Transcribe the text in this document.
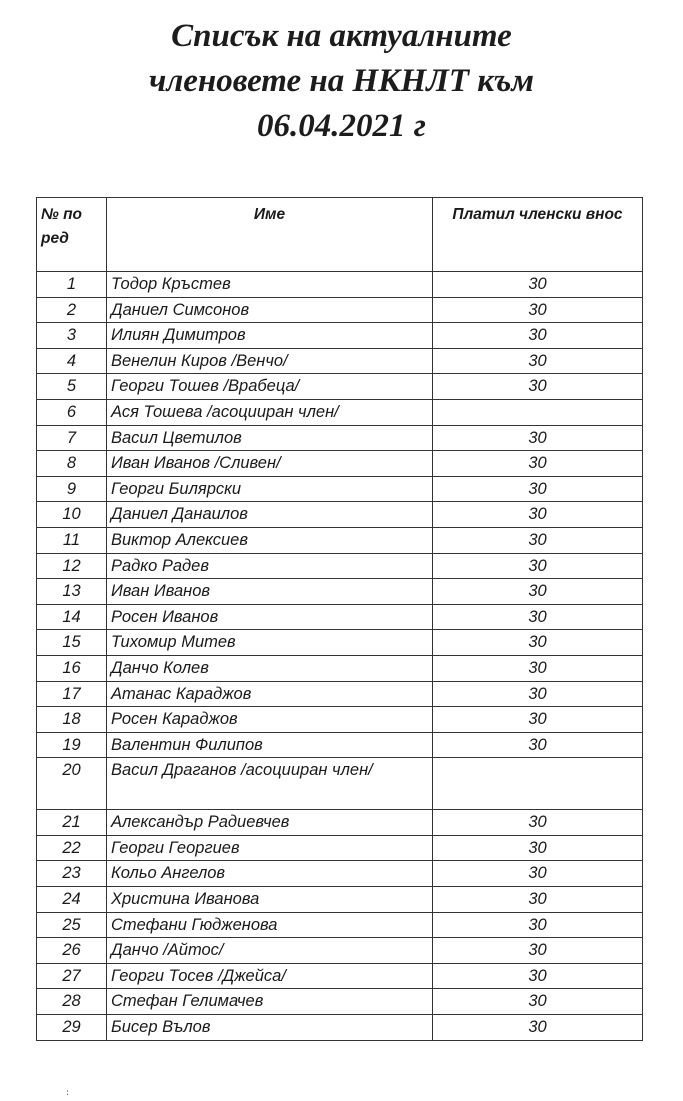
Списък на актуалните
членовете на НКНЛТ към
06.04.2021 г
№ по ред	Име	Платил членски внос
1	Тодор Кръстев	30
2	Даниел Симсонов	30
3	Илиян Димитров	30
4	Венелин Киров /Венчо/	30
5	Георги Тошев /Врабеца/	30
6	Ася Тошева /асоцииран член/	
7	Васил Цветилов	30
8	Иван Иванов /Сливен/	30
9	Георги Билярски	30
10	Даниел Данаилов	30
11	Виктор Алексиев	30
12	Радко Радев	30
13	Иван Иванов	30
14	Росен Иванов	30
15	Тихомир Митев	30
16	Данчо Колев	30
17	Атанас Караджов	30
18	Росен Караджов	30
19	Валентин Филипов	30
20	Васил Драганов /асоцииран член/	
21	Александър Радиевчев	30
22	Георги Георгиев	30
23	Кольо Ангелов	30
24	Христина Иванова	30
25	Стефани Гюдженова	30
26	Данчо /Айтос/	30
27	Георги Тосев /Джейса/	30
28	Стефан Гелимачев	30
29	Бисер Вълов	30
:
